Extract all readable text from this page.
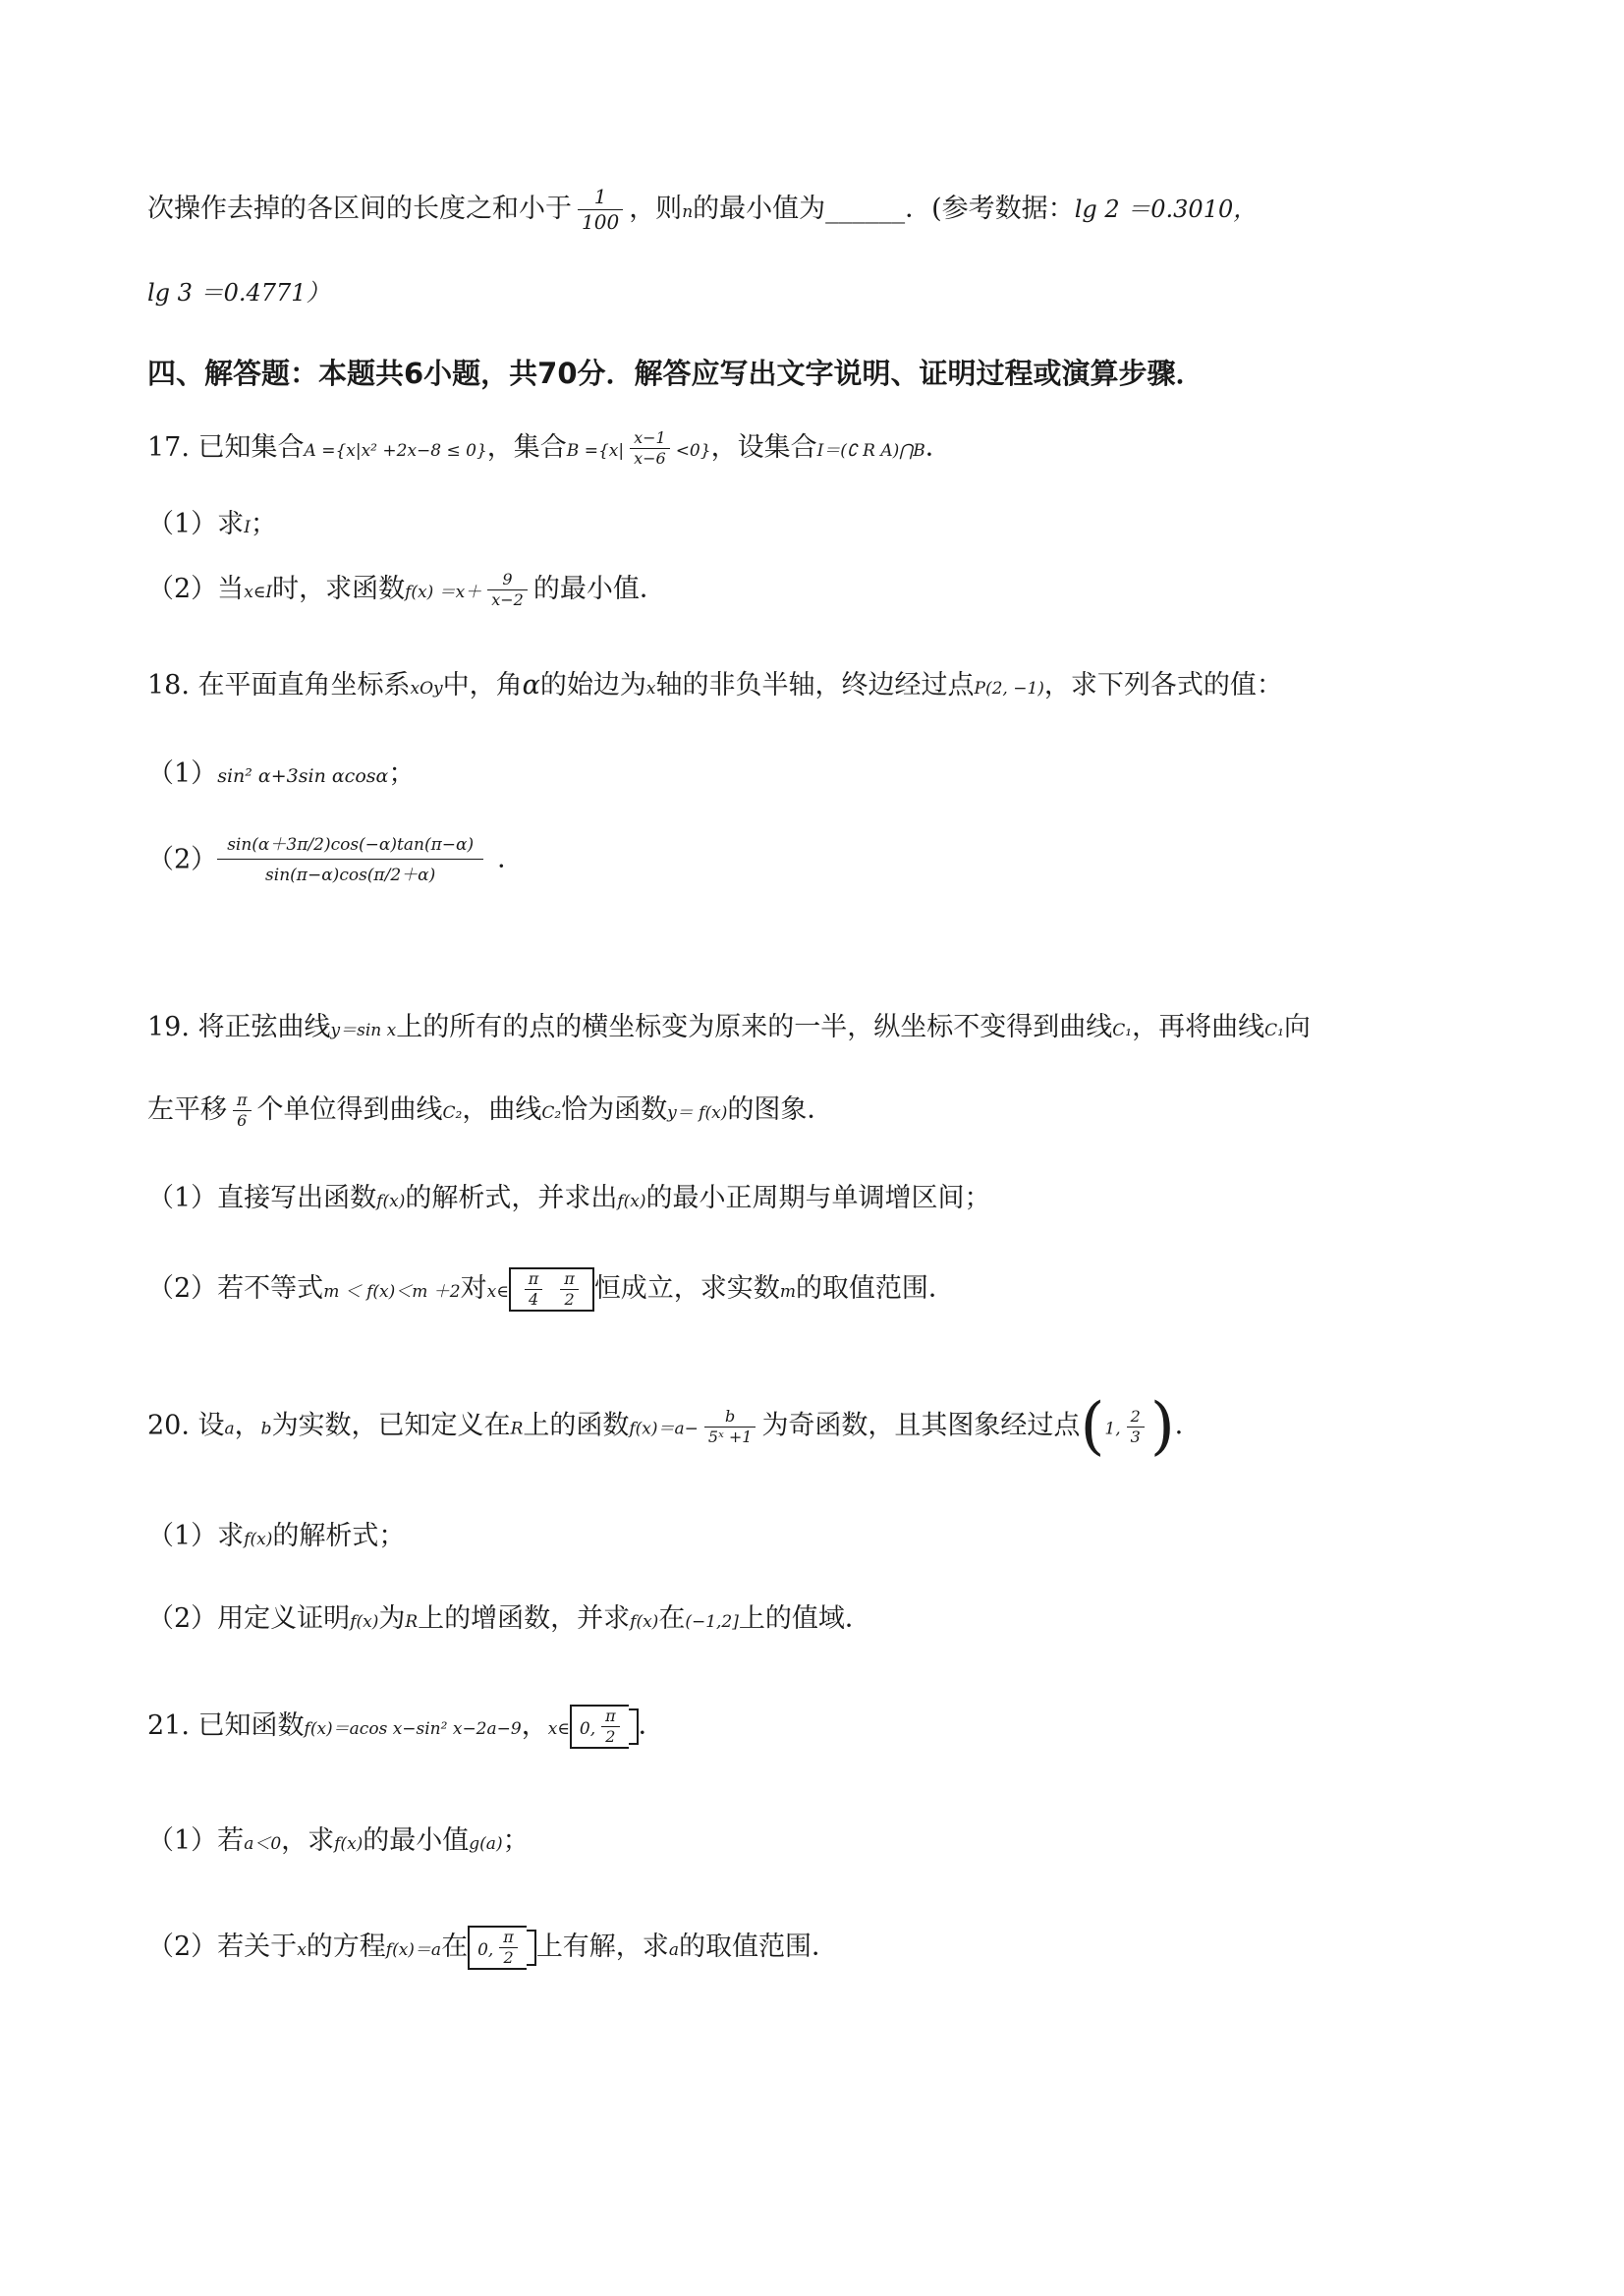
次操作去掉的各区间的长度之和小于 $\frac{1}{100}$ ，则n的最小值为______．(参考数据：lg 2 ＝0.3010，
lg 3 ＝0.4771）
四、解答题：本题共6小题，共70分．解答应写出文字说明、证明过程或演算步骤．
17. 已知集合A ={x|x² +2x−8 ≤ 0}，集合$B =\{x| \frac{x-1}{x-6} <0\}$，设集合I＝(∁ R A)⋂B．
（1）求I；
（2）当x∈I时，求函数$f(x) =x+ \frac{9}{x-2}$ 的最小值．
18. 在平面直角坐标系xOy中，角α的始边为x轴的非负半轴，终边经过点P(2, −1)，求下列各式的值：
（1）sin² α+3sin αcosα；
$(2) \frac{\sin(\alpha+3\pi/2)\cos(-\alpha)\tan(\pi-\alpha)}{\sin(\pi-\alpha)\cos(\pi/2+\alpha)}$ ．
19. 将正弦曲线y＝sin x上的所有的点的横坐标变为原来的一半，纵坐标不变得到曲线C₁，再将曲线C₁向
左平移 $\frac{\pi}{6}$ 个单位得到曲线C₂，曲线C₂恰为函数y＝ f(x)的图象．
（1）直接写出函数f(x)的解析式，并求出f(x)的最小正周期与单调增区间；
（2）若不等式m ＜ f(x)＜m ＋2对x∈ $\frac{\pi}{4} \frac{\pi}{2}$ 恒成立，求实数m的取值范围．
20. 设a，b为实数，已知定义在R上的函数$f(x)=a- \frac{b}{\text{5ˣ +1}}$ 为奇函数，且其图象经过点(1, $\frac{2}{3}$ )．
（1）求f(x)的解析式；
（2）用定义证明f(x)为R上的增函数，并求f(x)在(−1,2]上的值域．
21. 已知函数f(x)＝acos x−sin² x−2a−9，x∈ 0, $\frac{\pi}{2}$ ．
（1）若a＜0，求f(x)的最小值g(a)；
（2）若关于x的方程f(x)＝a在 0, $\frac{\pi}{2}$ 上有解，求a的取值范围．
